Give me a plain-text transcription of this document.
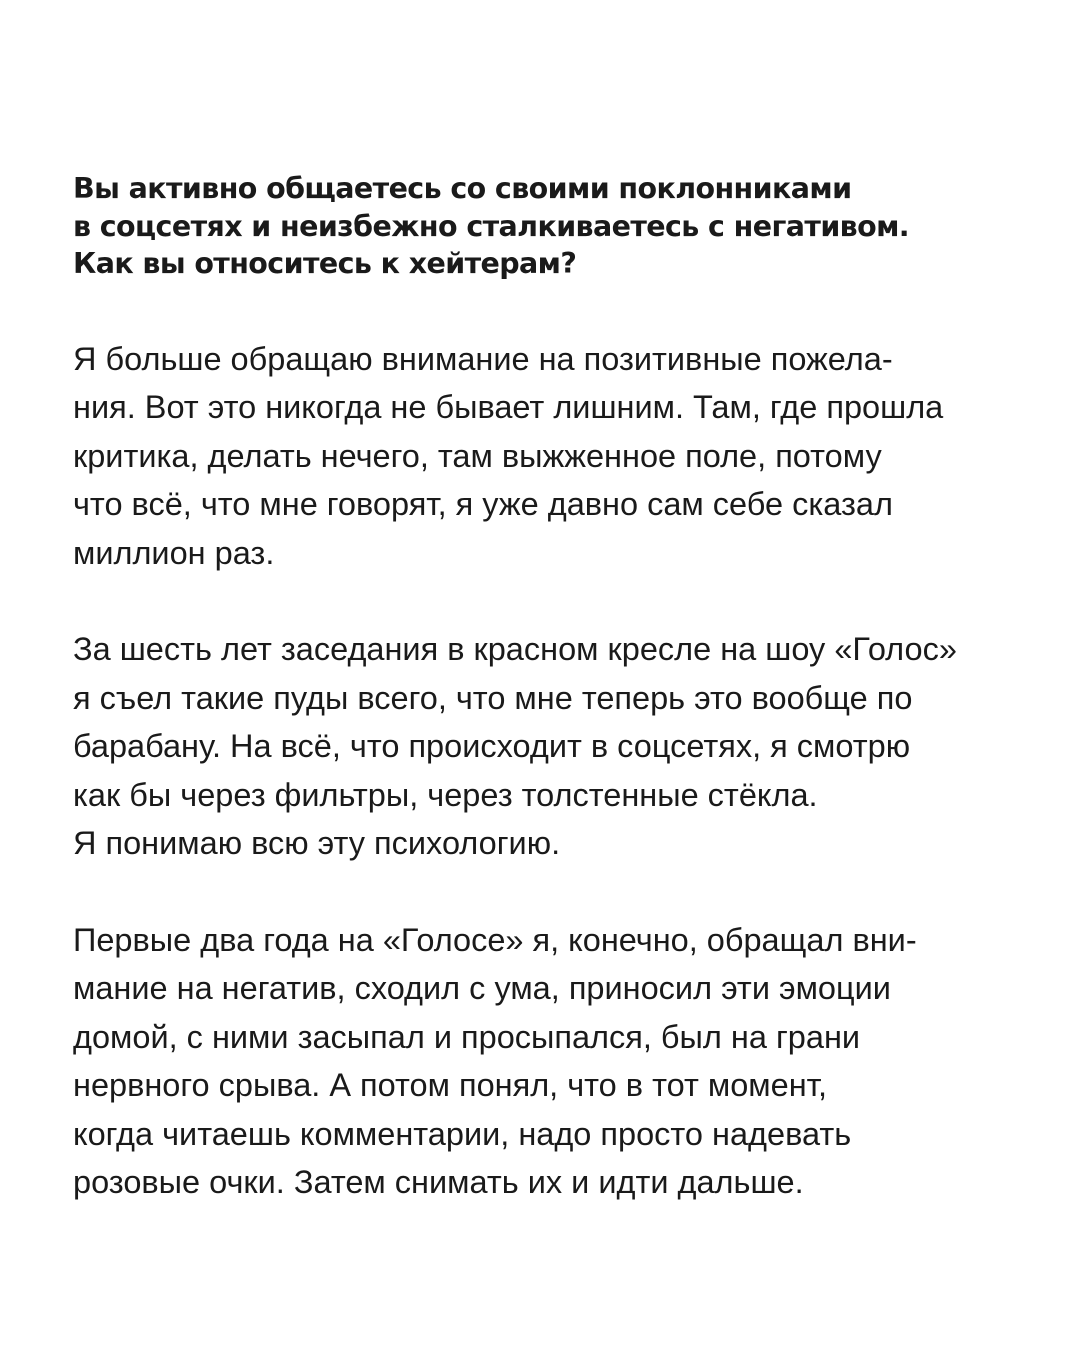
Вы активно общаетесь со своими поклонниками
в соцсетях и неизбежно сталкиваетесь с негативом.
Как вы относитесь к хейтерам?

Я больше обращаю внимание на позитивные пожела-
ния. Вот это никогда не бывает лишним. Там, где прошла
критика, делать нечего, там выжженное поле, потому
что всё, что мне говорят, я уже давно сам себе сказал
миллион раз.

За шесть лет заседания в красном кресле на шоу «Голос»
я съел такие пуды всего, что мне теперь это вообще по
барабану. На всё, что происходит в соцсетях, я смотрю
как бы через фильтры, через толстенные стёкла.
Я понимаю всю эту психологию.

Первые два года на «Голосе» я, конечно, обращал вни-
мание на негатив, сходил с ума, приносил эти эмоции
домой, с ними засыпал и просыпался, был на грани
нервного срыва. А потом понял, что в тот момент,
когда читаешь комментарии, надо просто надевать
розовые очки. Затем снимать их и идти дальше.
